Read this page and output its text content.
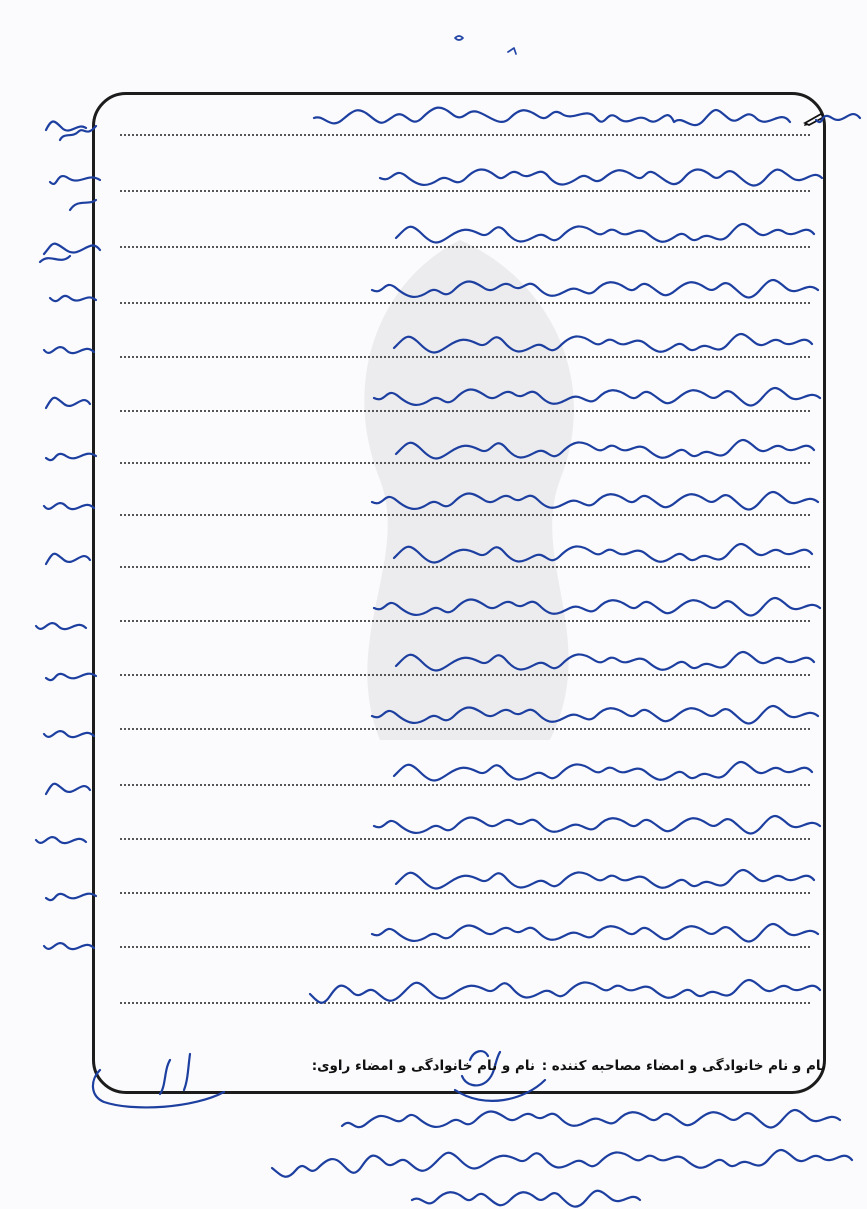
نام و نام خانوادگی و امضاء مصاحبه کننده :
نام و نام خانوادگی و امضاء راوی:
